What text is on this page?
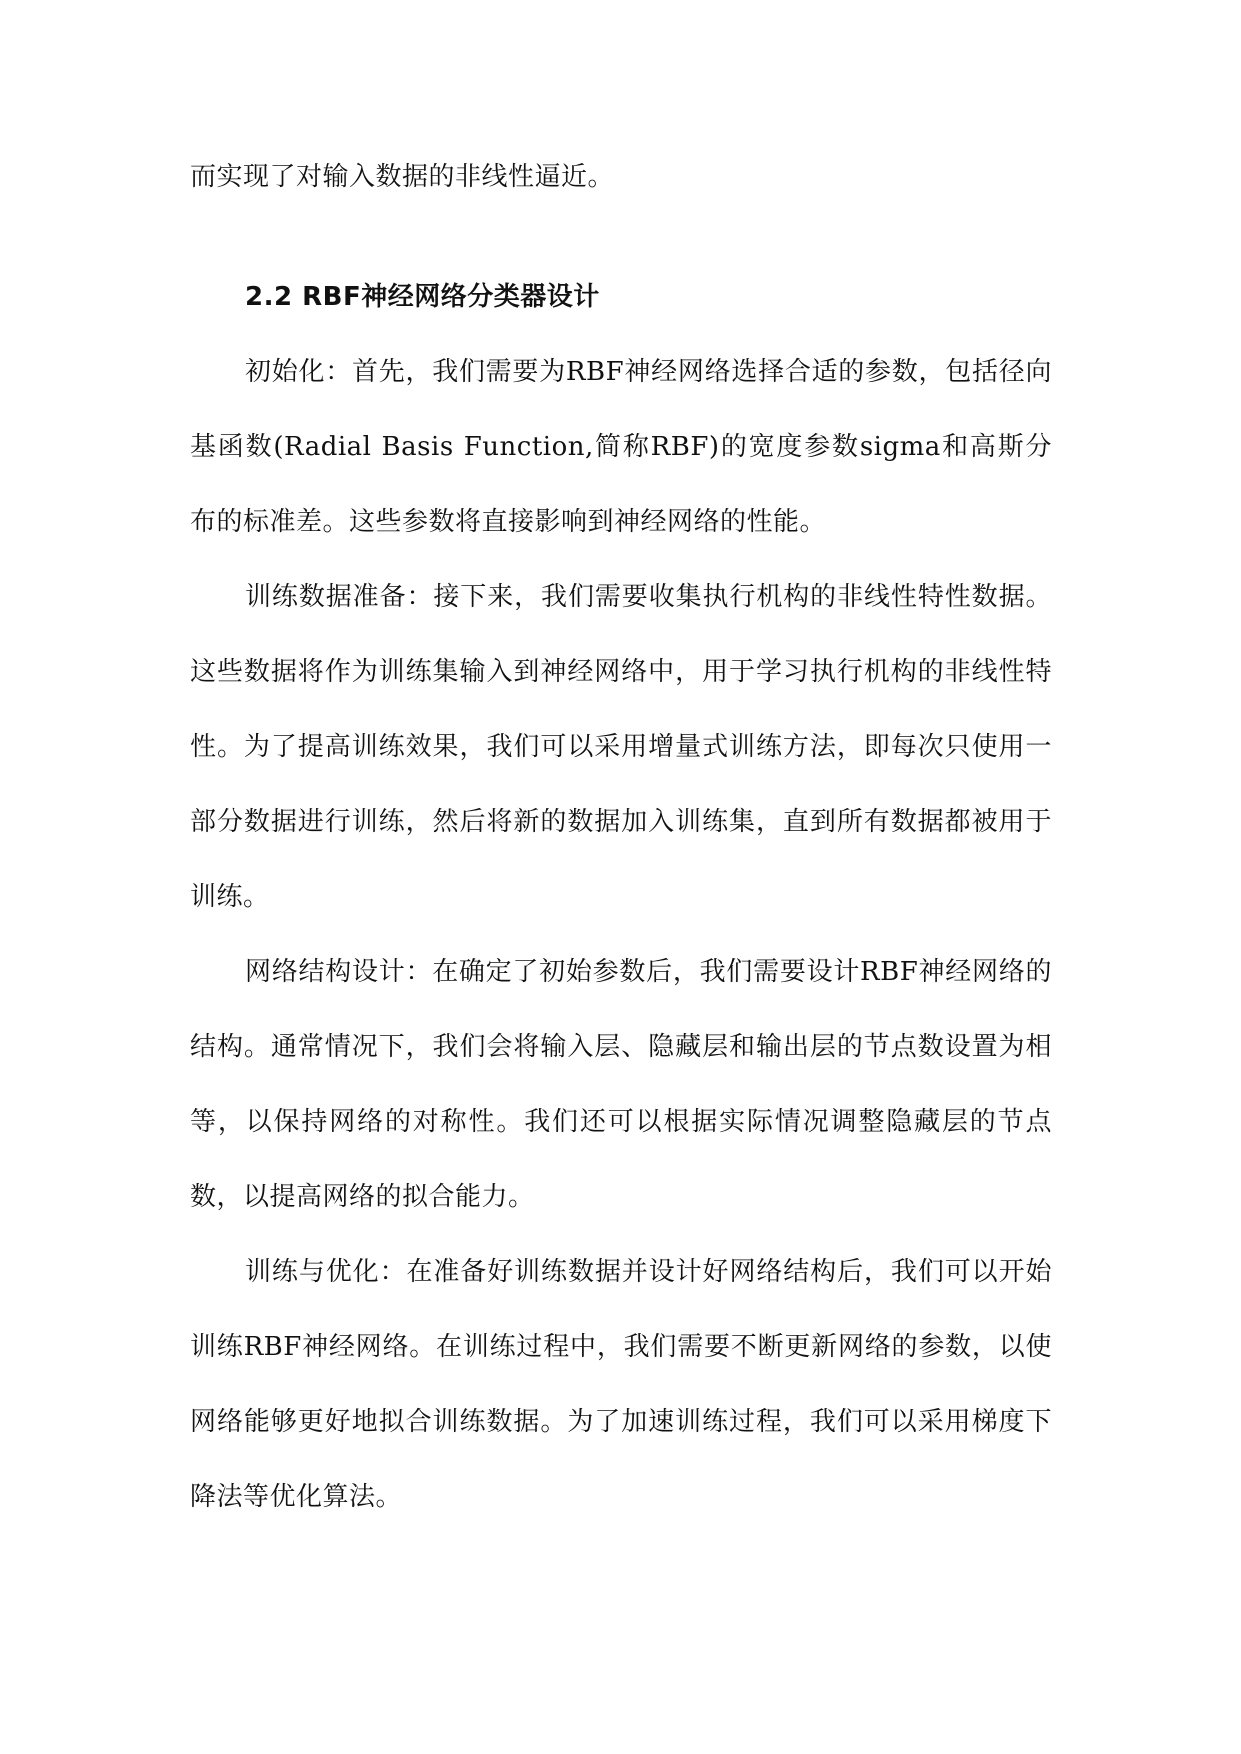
而实现了对输入数据的非线性逼近。

2.2 RBF神经网络分类器设计

初始化：首先，我们需要为RBF神经网络选择合适的参数，包括径向基函数(Radial Basis Function,简称RBF)的宽度参数sigma和高斯分布的标准差。这些参数将直接影响到神经网络的性能。

训练数据准备：接下来，我们需要收集执行机构的非线性特性数据。这些数据将作为训练集输入到神经网络中，用于学习执行机构的非线性特性。为了提高训练效果，我们可以采用增量式训练方法，即每次只使用一部分数据进行训练，然后将新的数据加入训练集，直到所有数据都被用于训练。

网络结构设计：在确定了初始参数后，我们需要设计RBF神经网络的结构。通常情况下，我们会将输入层、隐藏层和输出层的节点数设置为相等，以保持网络的对称性。我们还可以根据实际情况调整隐藏层的节点数，以提高网络的拟合能力。

训练与优化：在准备好训练数据并设计好网络结构后，我们可以开始训练RBF神经网络。在训练过程中，我们需要不断更新网络的参数，以使网络能够更好地拟合训练数据。为了加速训练过程，我们可以采用梯度下降法等优化算法。
